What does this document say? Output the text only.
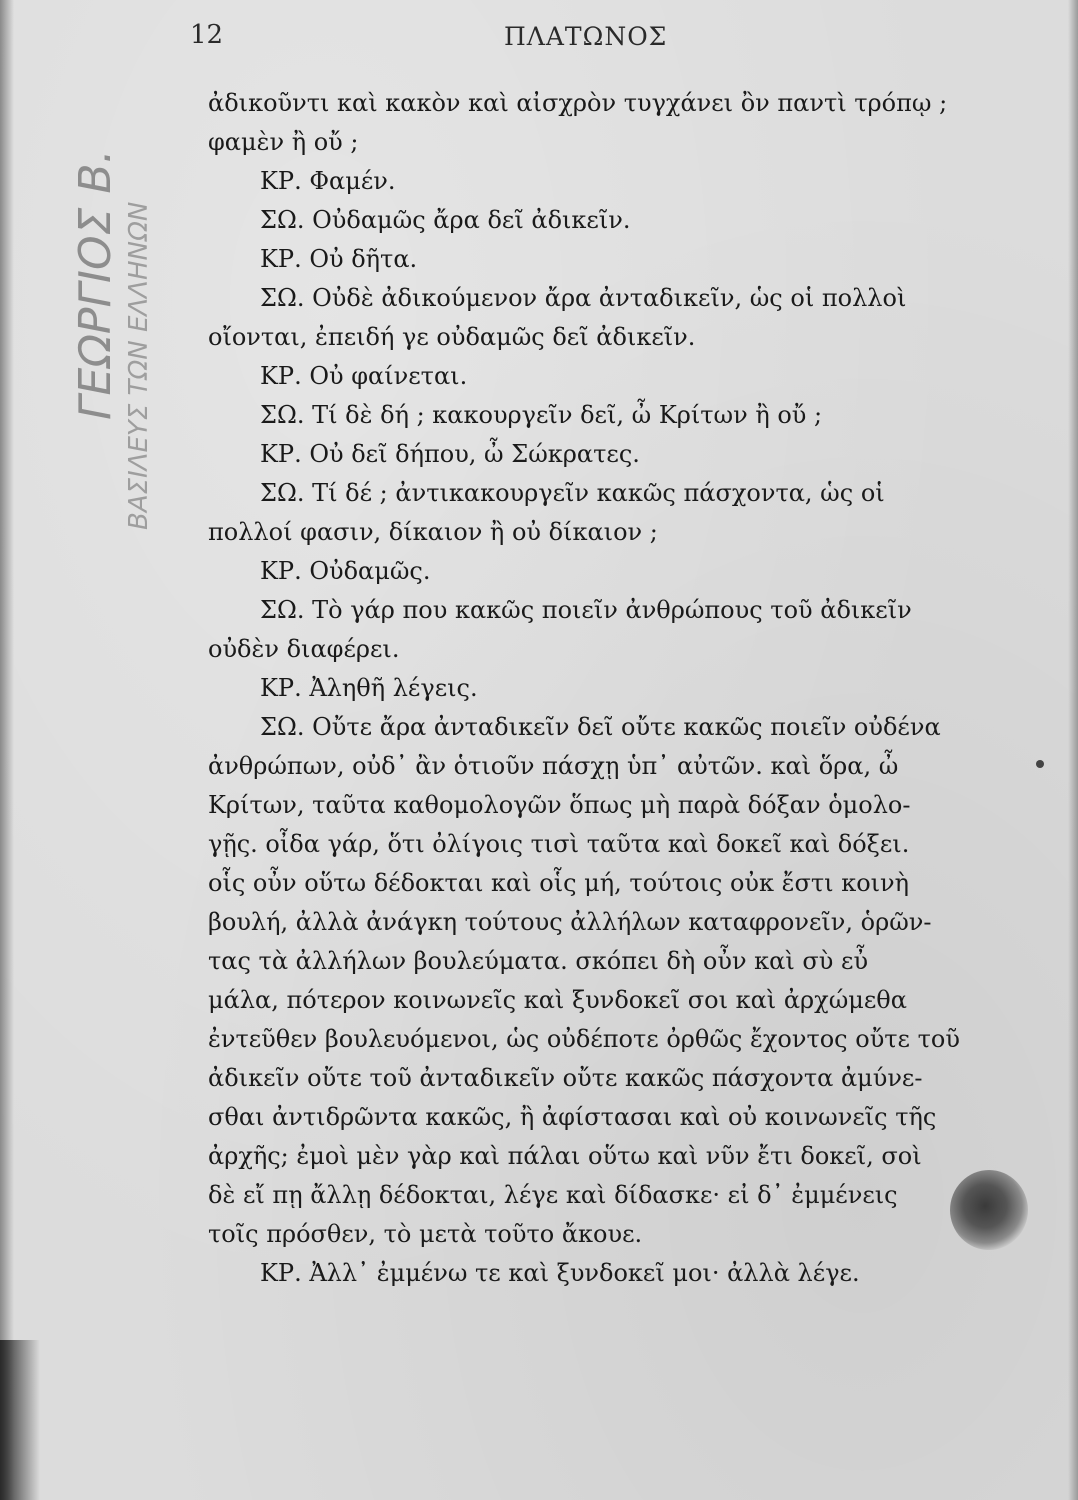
12	ΠΛΑΤΩΝΟΣ
ΓΕΩΡΓΙΟΣ Β. ΒΑΣΙΛΕΥΣ ΤΩΝ ΕΛΛΗΝΩΝ
ἀδικοῦντι καὶ κακὸν καὶ αἰσχρὸν τυγχάνει ὂν παντὶ τρόπῳ ;
φαμὲν ἢ οὔ ;
ΚΡ. Φαμέν.
ΣΩ. Οὐδαμῶς ἄρα δεῖ ἀδικεῖν.
ΚΡ. Οὐ δῆτα.
ΣΩ. Οὐδὲ ἀδικούμενον ἄρα ἀνταδικεῖν, ὡς οἱ πολλοὶ
οἴονται, ἐπειδή γε οὐδαμῶς δεῖ ἀδικεῖν.
ΚΡ. Οὐ φαίνεται.
ΣΩ. Τί δὲ δή ; κακουργεῖν δεῖ, ὦ Κρίτων ἢ οὔ ;
ΚΡ. Οὐ δεῖ δήπου, ὦ Σώκρατες.
ΣΩ. Τί δέ ; ἀντικακουργεῖν κακῶς πάσχοντα, ὡς οἱ
πολλοί φασιν, δίκαιον ἢ οὐ δίκαιον ;
ΚΡ. Οὐδαμῶς.
ΣΩ. Τὸ γάρ που κακῶς ποιεῖν ἀνθρώπους τοῦ ἀδικεῖν
οὐδὲν διαφέρει.
ΚΡ. Ἀληθῆ λέγεις.
ΣΩ. Οὔτε ἄρα ἀνταδικεῖν δεῖ οὔτε κακῶς ποιεῖν οὐδένα
ἀνθρώπων, οὐδ᾽ ἂν ὁτιοῦν πάσχῃ ὑπ᾽ αὐτῶν. καὶ ὅρα, ὦ
Κρίτων, ταῦτα καθομολογῶν ὅπως μὴ παρὰ δόξαν ὁμολο-
γῇς. οἶδα γάρ, ὅτι ὀλίγοις τισὶ ταῦτα καὶ δοκεῖ καὶ δόξει.
οἷς οὖν οὕτω δέδοκται καὶ οἷς μή, τούτοις οὐκ ἔστι κοινὴ
βουλή, ἀλλὰ ἀνάγκη τούτους ἀλλήλων καταφρονεῖν, ὁρῶν-
τας τὰ ἀλλήλων βουλεύματα. σκόπει δὴ οὖν καὶ σὺ εὖ
μάλα, πότερον κοινωνεῖς καὶ ξυνδοκεῖ σοι καὶ ἀρχώμεθα
ἐντεῦθεν βουλευόμενοι, ὡς οὐδέποτε ὀρθῶς ἔχοντος οὔτε τοῦ
ἀδικεῖν οὔτε τοῦ ἀνταδικεῖν οὔτε κακῶς πάσχοντα ἀμύνε-
σθαι ἀντιδρῶντα κακῶς, ἢ ἀφίστασαι καὶ οὐ κοινωνεῖς τῆς
ἀρχῆς; ἐμοὶ μὲν γὰρ καὶ πάλαι οὕτω καὶ νῦν ἔτι δοκεῖ, σοὶ
δὲ εἴ πῃ ἄλλῃ δέδοκται, λέγε καὶ δίδασκε· εἰ δ᾽ ἐμμένεις
τοῖς πρόσθεν, τὸ μετὰ τοῦτο ἄκουε.
ΚΡ. Ἀλλ᾽ ἐμμένω τε καὶ ξυνδοκεῖ μοι· ἀλλὰ λέγε.
